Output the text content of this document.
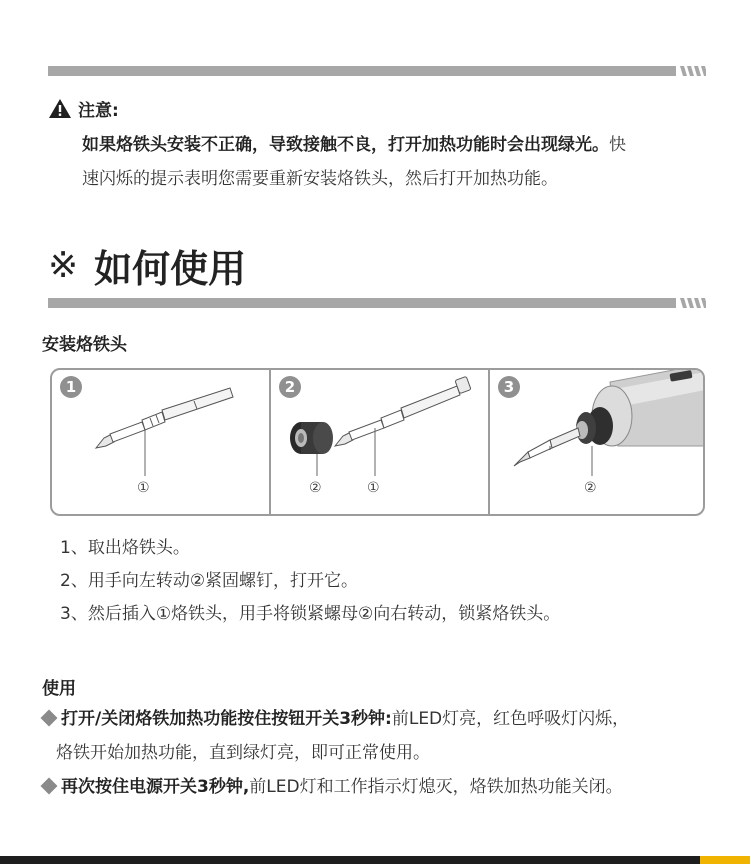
注意:
如果烙铁头安装不正确，导致接触不良，打开加热功能时会出现绿光。快
速闪烁的提示表明您需要重新安装烙铁头，然后打开加热功能。
※ 如何使用
安装烙铁头
1
①
2
②	①
3
②
1、取出烙铁头。
2、用手向左转动②紧固螺钉，打开它。
3、然后插入①烙铁头，用手将锁紧螺母②向右转动，锁紧烙铁头。
使用
打开/关闭烙铁加热功能按住按钮开关3秒钟:前LED灯亮，红色呼吸灯闪烁，
烙铁开始加热功能，直到绿灯亮，即可正常使用。
再次按住电源开关3秒钟,前LED灯和工作指示灯熄灭，烙铁加热功能关闭。
